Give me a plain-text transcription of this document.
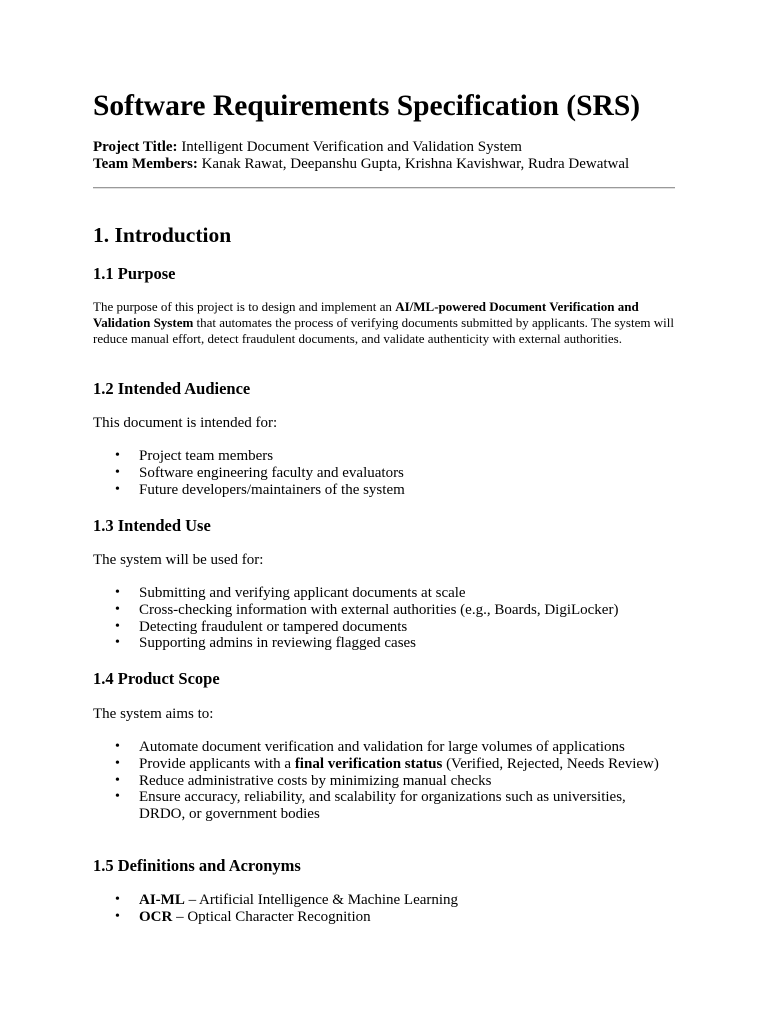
Software Requirements Specification (SRS)
Project Title: Intelligent Document Verification and Validation System
Team Members: Kanak Rawat, Deepanshu Gupta, Krishna Kavishwar, Rudra Dewatwal
1. Introduction
1.1 Purpose

The purpose of this project is to design and implement an AI/ML-powered Document Verification and Validation System that automates the process of verifying documents submitted by applicants. The system will reduce manual effort, detect fraudulent documents, and validate authenticity with external authorities.

1.2 Intended Audience

This document is intended for:

• Project team members
• Software engineering faculty and evaluators
• Future developers/maintainers of the system
1.3 Intended Use

The system will be used for:

• Submitting and verifying applicant documents at scale
• Cross-checking information with external authorities (e.g., Boards, DigiLocker)
• Detecting fraudulent or tampered documents
• Supporting admins in reviewing flagged cases
1.4 Product Scope

The system aims to:

• Automate document verification and validation for large volumes of applications
• Provide applicants with a final verification status (Verified, Rejected, Needs Review)
• Reduce administrative costs by minimizing manual checks
• Ensure accuracy, reliability, and scalability for organizations such as universities, DRDO, or government bodies
1.5 Definitions and Acronyms
• AI-ML – Artificial Intelligence & Machine Learning
• OCR – Optical Character Recognition
